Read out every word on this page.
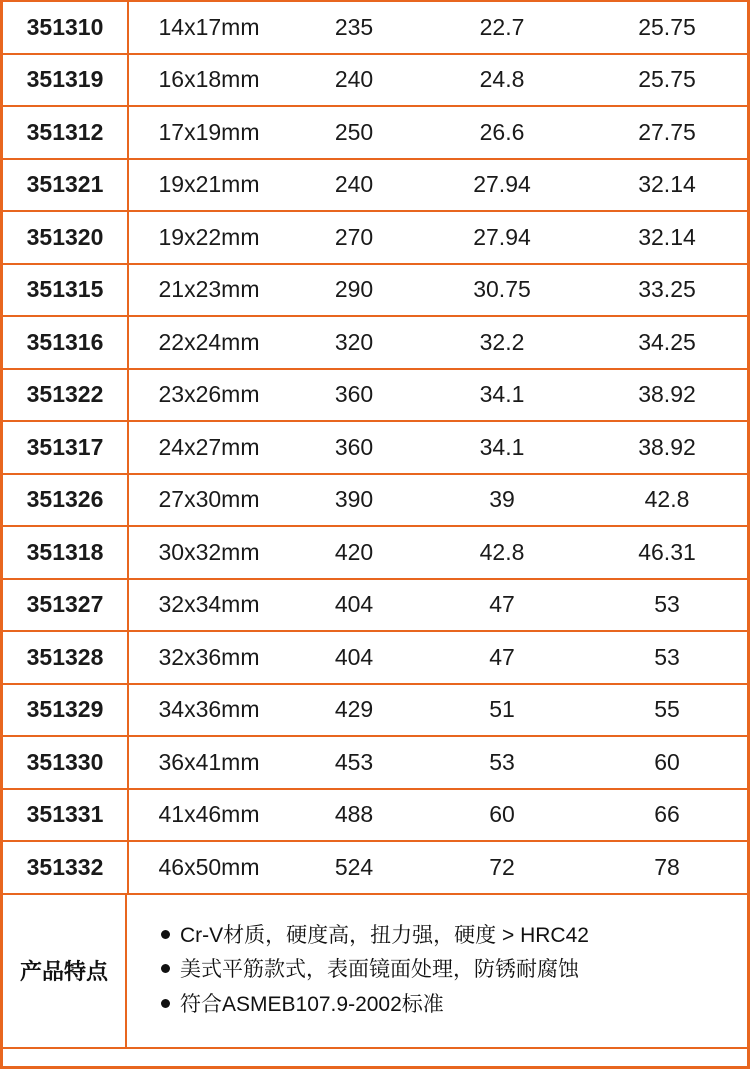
351310	14x17mm	235	22.7	25.75
351319	16x18mm	240	24.8	25.75
351312	17x19mm	250	26.6	27.75
351321	19x21mm	240	27.94	32.14
351320	19x22mm	270	27.94	32.14
351315	21x23mm	290	30.75	33.25
351316	22x24mm	320	32.2	34.25
351322	23x26mm	360	34.1	38.92
351317	24x27mm	360	34.1	38.92
351326	27x30mm	390	39	42.8
351318	30x32mm	420	42.8	46.31
351327	32x34mm	404	47	53
351328	32x36mm	404	47	53
351329	34x36mm	429	51	55
351330	36x41mm	453	53	60
351331	41x46mm	488	60	66
351332	46x50mm	524	72	78
产品特点
Cr-V材质，硬度高，扭力强，硬度 > HRC42
美式平筋款式，表面镜面处理，防锈耐腐蚀
符合ASMEB107.9-2002标准
